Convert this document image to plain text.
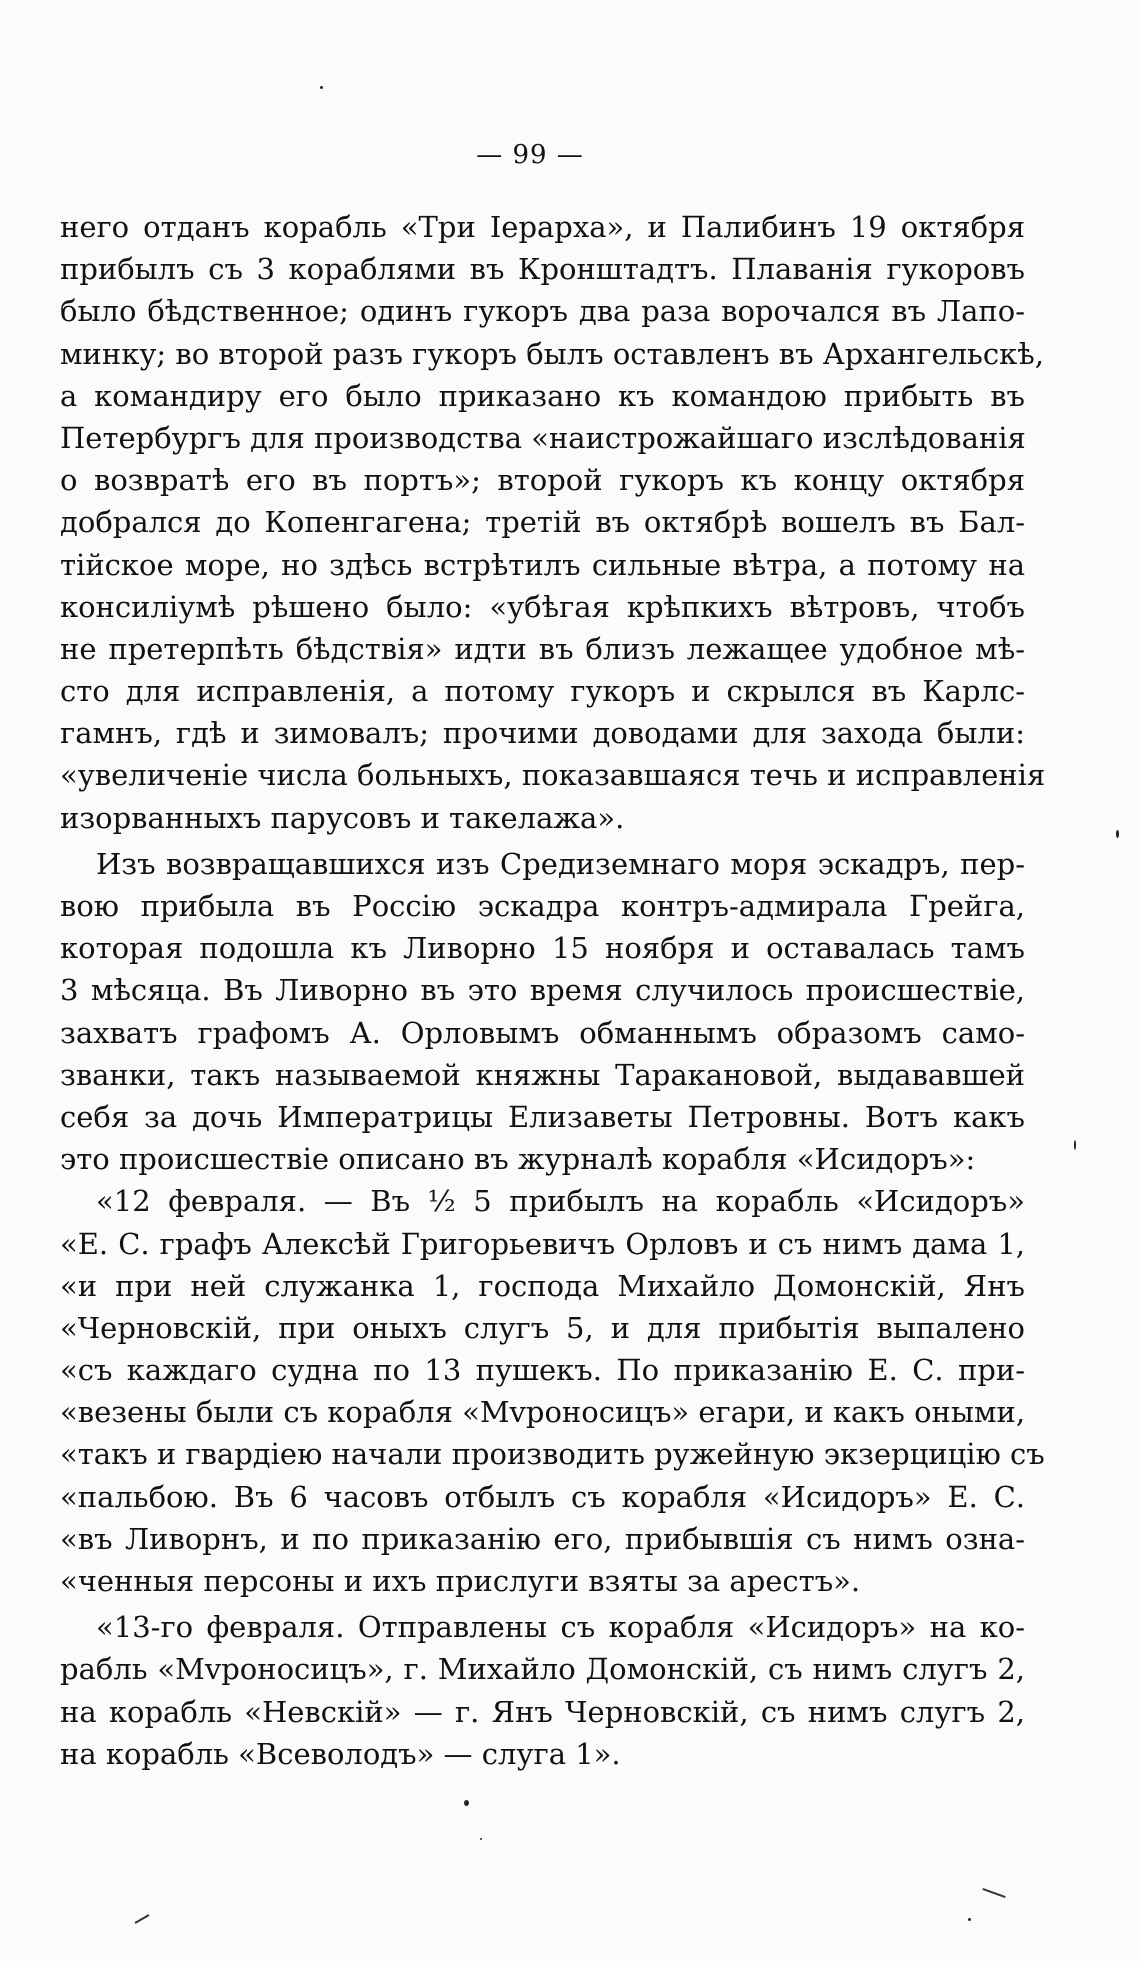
— 99 —
него отданъ корабль «Три Іерарха», и Палибинъ 19 октября
прибылъ съ 3 кораблями въ Кронштадтъ. Плаванія гукоровъ
было бѣдственное; одинъ гукоръ два раза ворочался въ Лапо-
минку; во второй разъ гукоръ былъ оставленъ въ Архангельскѣ,
а командиру его было приказано къ командою прибыть въ
Петербургъ для производства «наистрожайшаго изслѣдованія
о возвратѣ его въ портъ»; второй гукоръ къ концу октября
добрался до Копенгагена; третій въ октябрѣ вошелъ въ Бал-
тійское море, но здѣсь встрѣтилъ сильные вѣтра, а потому на
консиліумѣ рѣшено было: «убѣгая крѣпкихъ вѣтровъ, чтобъ
не претерпѣть бѣдствія» идти въ близъ лежащее удобное мѣ-
сто для исправленія, а потому гукоръ и скрылся въ Карлс-
гамнъ, гдѣ и зимовалъ; прочими доводами для захода были:
«увеличеніе числа больныхъ, показавшаяся течь и исправленія
изорванныхъ парусовъ и такелажа».
Изъ возвращавшихся изъ Средиземнаго моря эскадръ, пер-
вою прибыла въ Россію эскадра контръ-адмирала Грейга,
которая подошла къ Ливорно 15 ноября и оставалась тамъ
3 мѣсяца. Въ Ливорно въ это время случилось происшествіе,
захватъ графомъ А. Орловымъ обманнымъ образомъ само-
званки, такъ называемой княжны Таракановой, выдававшей
себя за дочь Императрицы Елизаветы Петровны. Вотъ какъ
это происшествіе описано въ журналѣ корабля «Исидоръ»:
«12 февраля. — Въ ½ 5 прибылъ на корабль «Исидоръ»
«Е. С. графъ Алексѣй Григорьевичъ Орловъ и съ нимъ дама 1,
«и при ней служанка 1, господа Михайло Домонскій, Янъ
«Черновскій, при оныхъ слугъ 5, и для прибытія выпалено
«съ каждаго судна по 13 пушекъ. По приказанію Е. С. при-
«везены были съ корабля «Мvроносицъ» егари, и какъ оными,
«такъ и гвардіею начали производить ружейную экзерцицію съ
«пальбою. Въ 6 часовъ отбылъ съ корабля «Исидоръ» Е. С.
«въ Ливорнъ, и по приказанію его, прибывшія съ нимъ озна-
«ченныя персоны и ихъ прислуги взяты за арестъ».
«13-го февраля. Отправлены съ корабля «Исидоръ» на ко-
рабль «Мvроносицъ», г. Михайло Домонскій, съ нимъ слугъ 2,
на корабль «Невскій» — г. Янъ Черновскій, съ нимъ слугъ 2,
на корабль «Всеволодъ» — слуга 1».
